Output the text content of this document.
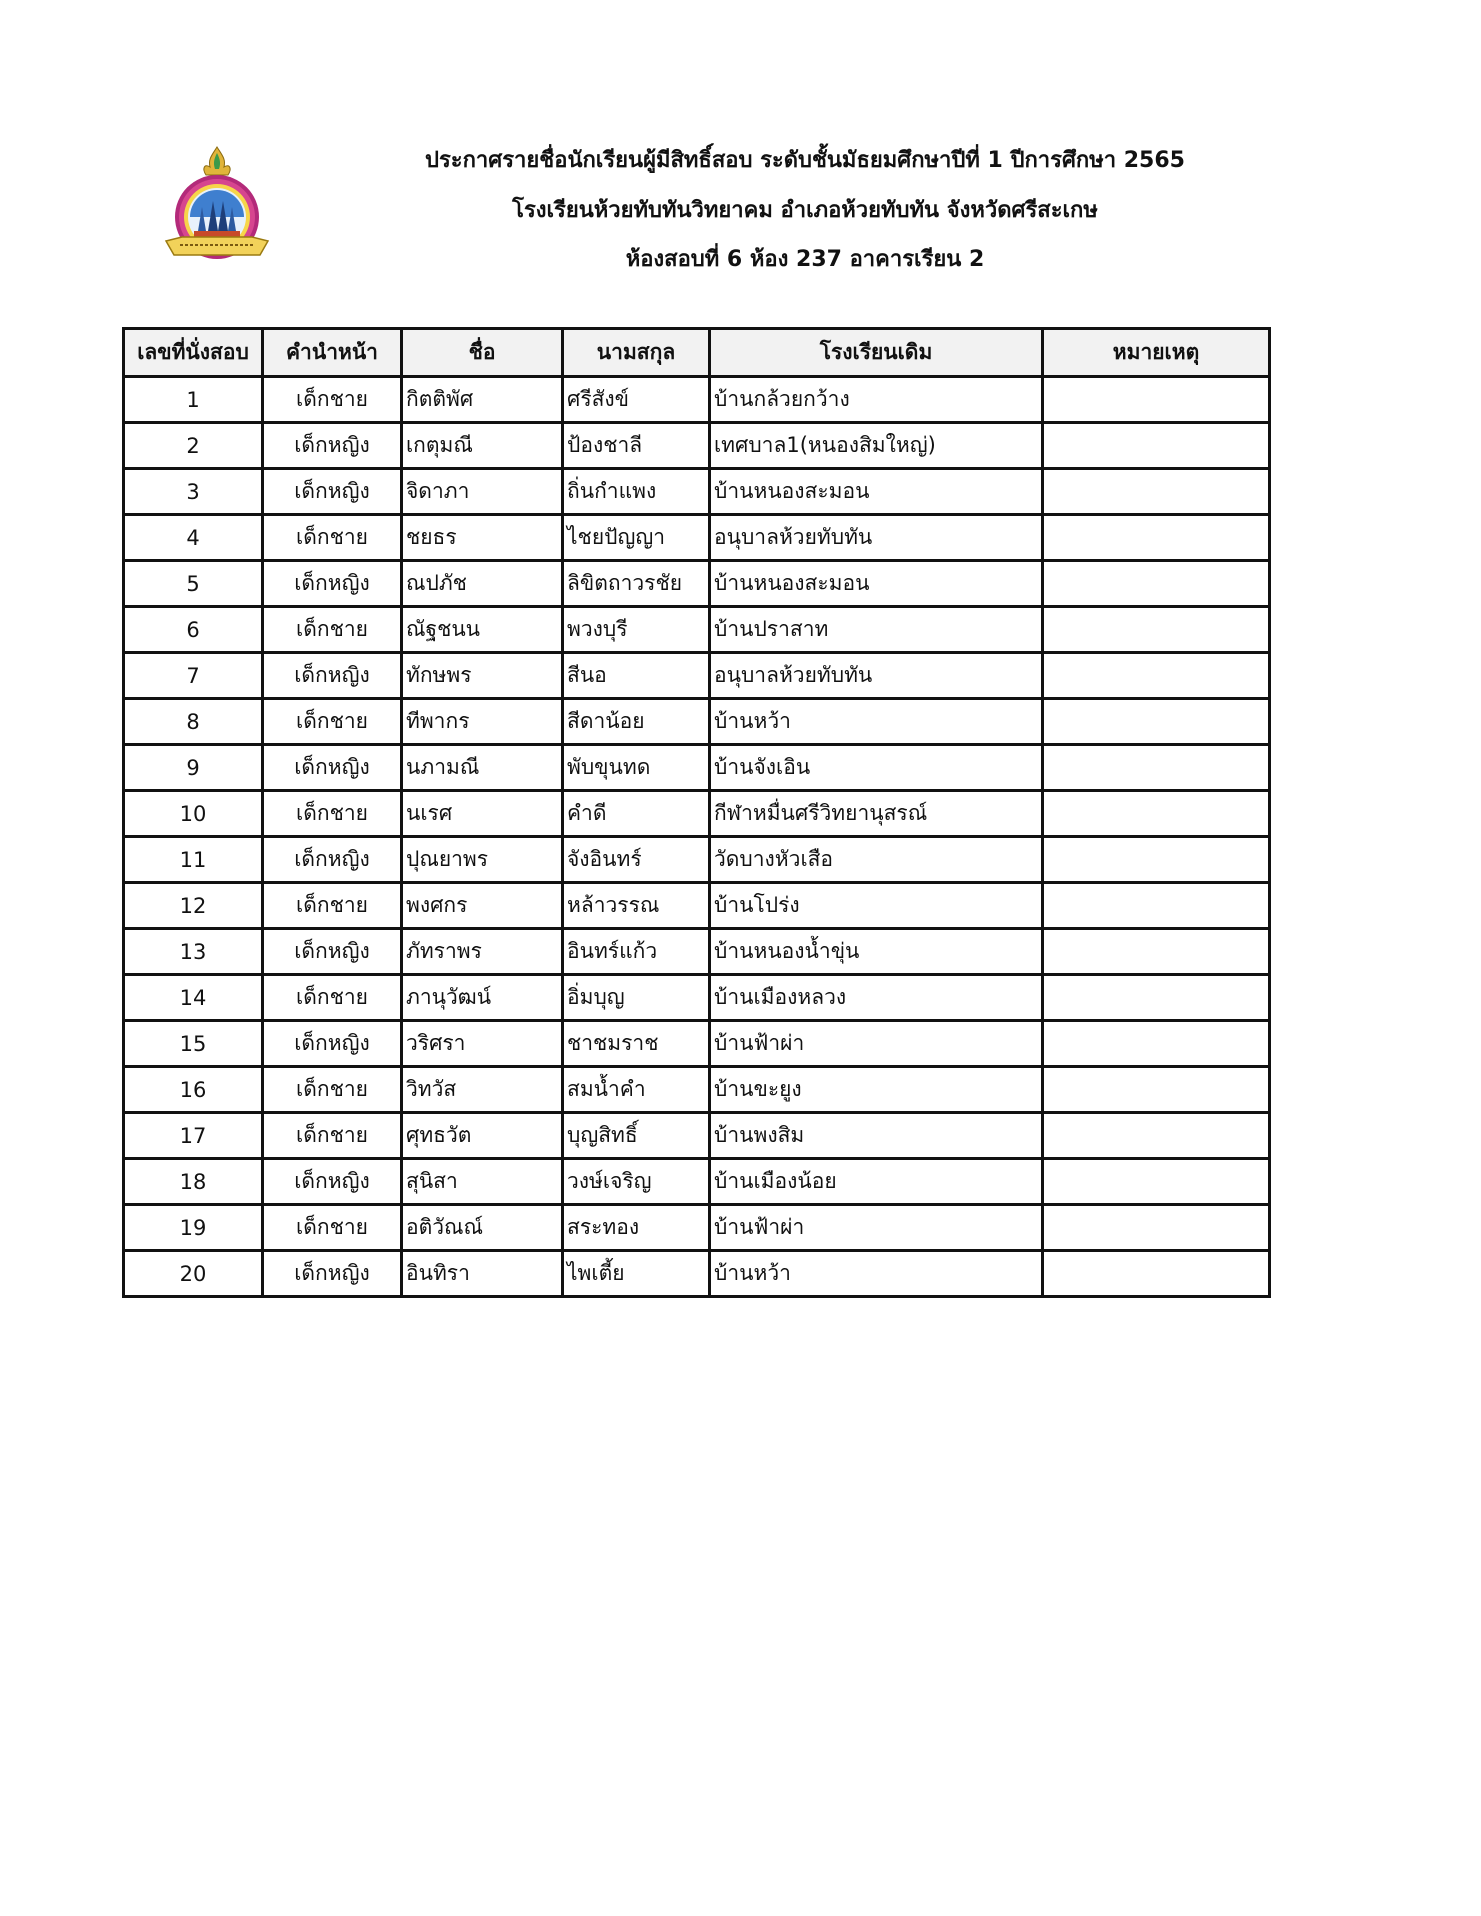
ประกาศรายชื่อนักเรียนผู้มีสิทธิ์สอบ ระดับชั้นมัธยมศึกษาปีที่ 1 ปีการศึกษา 2565
โรงเรียนห้วยทับทันวิทยาคม อำเภอห้วยทับทัน จังหวัดศรีสะเกษ
ห้องสอบที่ 6 ห้อง 237 อาคารเรียน 2
เลขที่นั่งสอบ	คำนำหน้า	ชื่อ	นามสกุล	โรงเรียนเดิม	หมายเหตุ
1	เด็กชาย	กิตติพัศ	ศรีสังข์	บ้านกล้วยกว้าง	
2	เด็กหญิง	เกตุมณี	ป้องชาลี	เทศบาล1(หนองสิมใหญ่)	
3	เด็กหญิง	จิดาภา	ถิ่นกำแพง	บ้านหนองสะมอน	
4	เด็กชาย	ชยธร	ไชยปัญญา	อนุบาลห้วยทับทัน	
5	เด็กหญิง	ณปภัช	ลิขิตถาวรชัย	บ้านหนองสะมอน	
6	เด็กชาย	ณัฐชนน	พวงบุรี	บ้านปราสาท	
7	เด็กหญิง	ทักษพร	สีนอ	อนุบาลห้วยทับทัน	
8	เด็กชาย	ทีพากร	สีดาน้อย	บ้านหว้า	
9	เด็กหญิง	นภามณี	พับขุนทด	บ้านจังเอิน	
10	เด็กชาย	นเรศ	คำดี	กีฬาหมื่นศรีวิทยานุสรณ์	
11	เด็กหญิง	ปุณยาพร	จังอินทร์	วัดบางหัวเสือ	
12	เด็กชาย	พงศกร	หล้าวรรณ	บ้านโปร่ง	
13	เด็กหญิง	ภัทราพร	อินทร์แก้ว	บ้านหนองน้ำขุ่น	
14	เด็กชาย	ภานุวัฒน์	อิ่มบุญ	บ้านเมืองหลวง	
15	เด็กหญิง	วริศรา	ชาชมราช	บ้านฟ้าผ่า	
16	เด็กชาย	วิทวัส	สมน้ำคำ	บ้านขะยูง	
17	เด็กชาย	ศุทธวัต	บุญสิทธิ์	บ้านพงสิม	
18	เด็กหญิง	สุนิสา	วงษ์เจริญ	บ้านเมืองน้อย	
19	เด็กชาย	อติวัณณ์	สระทอง	บ้านฟ้าผ่า	
20	เด็กหญิง	อินทิรา	ไพเตี้ย	บ้านหว้า	
